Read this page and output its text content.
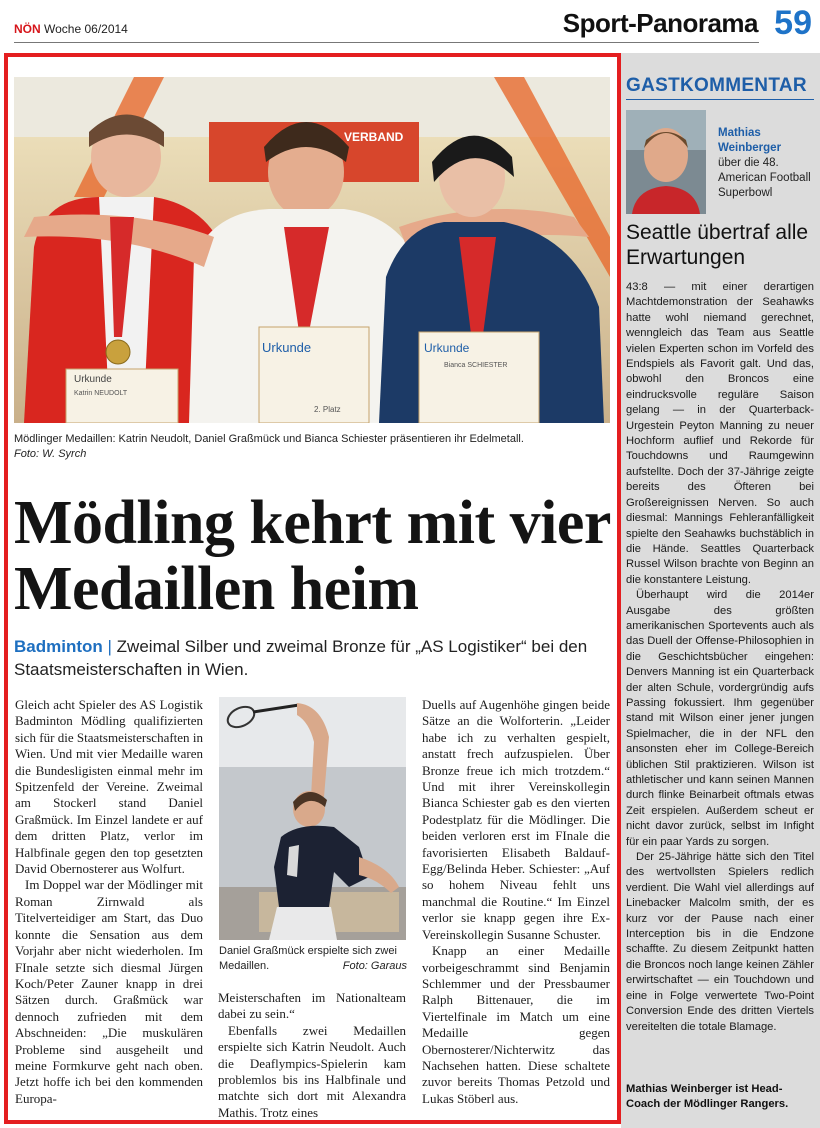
NÖN Woche 06/2014	Sport-Panorama 59
VERBAND
Urkunde
Katrin NEUDOLT
Urkunde
2. Platz
Urkunde
Bianca SCHIESTER
Mödlinger Medaillen: Katrin Neudolt, Daniel Graßmück und Bianca Schiester präsentieren ihr Edelmetall.
Foto: W. Syrch
Mödling kehrt mit vier Medaillen heim
Badminton | Zweimal Silber und zweimal Bronze für „AS Logistiker“ bei den Staatsmeisterschaften in Wien.

Gleich acht Spieler des AS Logistik Badminton Mödling qualifizierten sich für die Staatsmeisterschaften in Wien. Und mit vier Medaille waren die Bundesligisten einmal mehr im Spitzenfeld der Vereine. Zweimal am Stockerl stand Daniel Graßmück. Im Einzel landete er auf dem dritten Platz, verlor im Halbfinale gegen den top gesetzten David Obernosterer aus Wolfurt.

Im Doppel war der Mödlinger mit Roman Zirnwald als Titelverteidiger am Start, das Duo konnte die Sensation aus dem Vorjahr aber nicht wiederholen. Im FInale setzte sich diesmal Jürgen Koch/Peter Zauner knapp in drei Sätzen durch. Graßmück war dennoch zufrieden mit dem Abschneiden: „Die muskulären Probleme sind ausgeheilt und meine Formkurve geht nach oben. Jetzt hoffe ich bei den kommenden Europa-

Daniel Graßmück erspielte sich zwei Medaillen.	Foto: Garaus

Meisterschaften im Nationalteam dabei zu sein.“

Ebenfalls zwei Medaillen erspielte sich Katrin Neudolt. Auch die Deaflympics-Spielerin kam problemlos bis ins Halbfinale und matchte sich dort mit Alexandra Mathis. Trotz eines

Duells auf Augenhöhe gingen beide Sätze an die Wolforterin. „Leider habe ich zu verhalten gespielt, anstatt frech aufzuspielen. Über Bronze freue ich mich trotzdem.“ Und mit ihrer Vereinskollegin Bianca Schiester gab es den vierten Podestplatz für die Mödlinger. Die beiden verloren erst im FInale die favorisierten Elisabeth Baldauf-Egg/Belinda Heber. Schiester: „Auf so hohem Niveau fehlt uns manchmal die Routine.“ Im Einzel verlor sie knapp gegen ihre Ex-Vereinskollegin Susanne Schuster.

Knapp an einer Medaille vorbeigeschrammt sind Benjamin Schlemmer und der Pressbaumer Ralph Bittenauer, die im Viertelfinale im Match um eine Medaille gegen Obernosterer/Nichterwitz das Nachsehen hatten. Diese schaltete zuvor bereits Thomas Petzold und Lukas Stöberl aus.

GASTKOMMENTAR
Mathias Weinberger
über die 48. American Football Superbowl
Seattle übertraf alle Erwartungen

43:8 — mit einer derartigen Machtdemonstration der Seahawks hatte wohl niemand gerechnet, wenngleich das Team aus Seattle vielen Experten schon im Vorfeld des Endspiels als Favorit galt. Und das, obwohl den Broncos eine eindrucksvolle reguläre Saison gelang — in der Quarterback-Urgestein Peyton Manning zu neuer Hochform auflief und Rekorde für Touchdowns und Raumgewinn aufstellte. Doch der 37-Jährige zeigte bereits des Öfteren bei Großereignissen Nerven. So auch diesmal: Mannings Fehleranfälligkeit spielte den Seahawks buchstäblich in die Hände. Seattles Quarterback Russel Wilson brachte von Beginn an die konstantere Leistung.

Überhaupt wird die 2014er Ausgabe des größten amerikanischen Sportevents auch als das Duell der Offense-Philosophien in die Geschichtsbücher eingehen: Denvers Manning ist ein Quarterback der alten Schule, vordergründig aufs Passing fokussiert. Ihm gegenüber stand mit Wilson einer jener jungen Spielmacher, die in der NFL den ansonsten eher im College-Bereich üblichen Stil praktizieren. Wilson ist athletischer und kann seinen Mannen durch flinke Beinarbeit oftmals etwas Zeit erspielen. Außerdem scheut er nicht davor zurück, selbst im Infight für ein paar Yards zu sorgen.

Der 25-Jährige hätte sich den Titel des wertvollsten Spielers redlich verdient. Die Wahl viel allerdings auf Linebacker Malcolm smith, der es kurz vor der Pause nach einer Interception bis in die Endzone schaffte. Zu diesem Zeitpunkt hatten die Broncos noch lange keinen Zähler erwirtschaftet — ein Touchdown und eine in Folge verwertete Two-Point Conversion Ende des dritten Viertels vereitelten die totale Blamage.

Mathias Weinberger ist Head-Coach der Mödlinger Rangers.
